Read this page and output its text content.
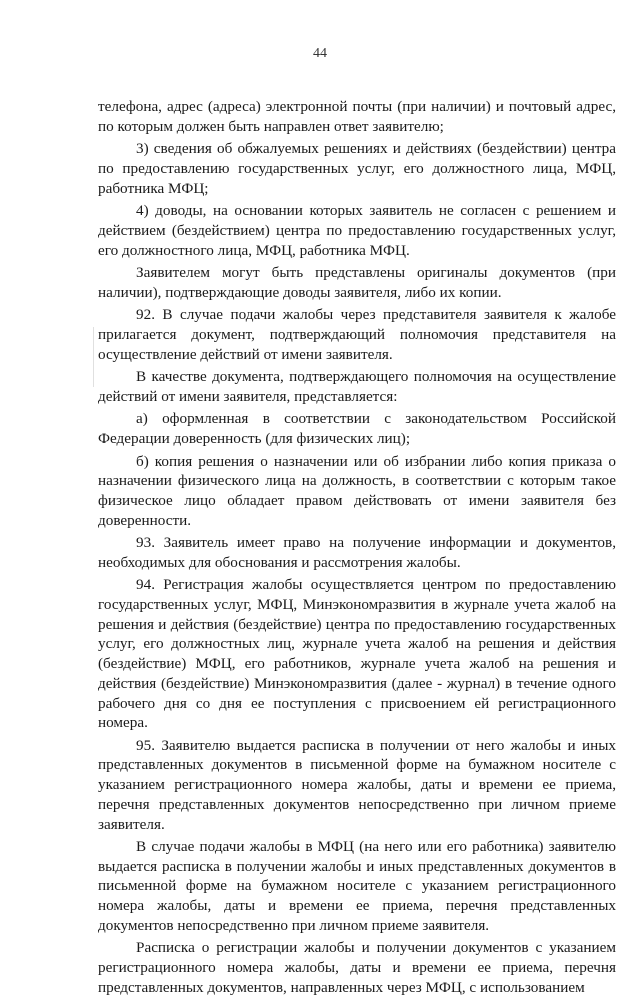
44

телефона, адрес (адреса) электронной почты (при наличии) и почтовый адрес, по которым должен быть направлен ответ заявителю;

3) сведения об обжалуемых решениях и действиях (бездействии) центра по предоставлению государственных услуг, его должностного лица, МФЦ, работника МФЦ;

4) доводы, на основании которых заявитель не согласен с решением и действием (бездействием) центра по предоставлению государственных услуг, его должностного лица, МФЦ, работника МФЦ.

Заявителем могут быть представлены оригиналы документов (при наличии), подтверждающие доводы заявителя, либо их копии.

92. В случае подачи жалобы через представителя заявителя к жалобе прилагается документ, подтверждающий полномочия представителя на осуществление действий от имени заявителя.

В качестве документа, подтверждающего полномочия на осуществление действий от имени заявителя, представляется:

а) оформленная в соответствии с законодательством Российской Федерации доверенность (для физических лиц);

б) копия решения о назначении или об избрании либо копия приказа о назначении физического лица на должность, в соответствии с которым такое физическое лицо обладает правом действовать от имени заявителя без доверенности.

93. Заявитель имеет право на получение информации и документов, необходимых для обоснования и рассмотрения жалобы.

94. Регистрация жалобы осуществляется центром по предоставлению государственных услуг, МФЦ, Минэкономразвития в журнале учета жалоб на решения и действия (бездействие) центра по предоставлению государственных услуг, его должностных лиц, журнале учета жалоб на решения и действия (бездействие) МФЦ, его работников, журнале учета жалоб на решения и действия (бездействие) Минэкономразвития (далее - журнал) в течение одного рабочего дня со дня ее поступления с присвоением ей регистрационного номера.

95. Заявителю выдается расписка в получении от него жалобы и иных представленных документов в письменной форме на бумажном носителе с указанием регистрационного номера жалобы, даты и времени ее приема, перечня представленных документов непосредственно при личном приеме заявителя.

В случае подачи жалобы в МФЦ (на него или его работника) заявителю выдается расписка в получении жалобы и иных представленных документов в письменной форме на бумажном носителе с указанием регистрационного номера жалобы, даты и времени ее приема, перечня представленных документов непосредственно при личном приеме заявителя.

Расписка о регистрации жалобы и получении документов с указанием регистрационного номера жалобы, даты и времени ее приема, перечня представленных документов, направленных через МФЦ, с использованием
